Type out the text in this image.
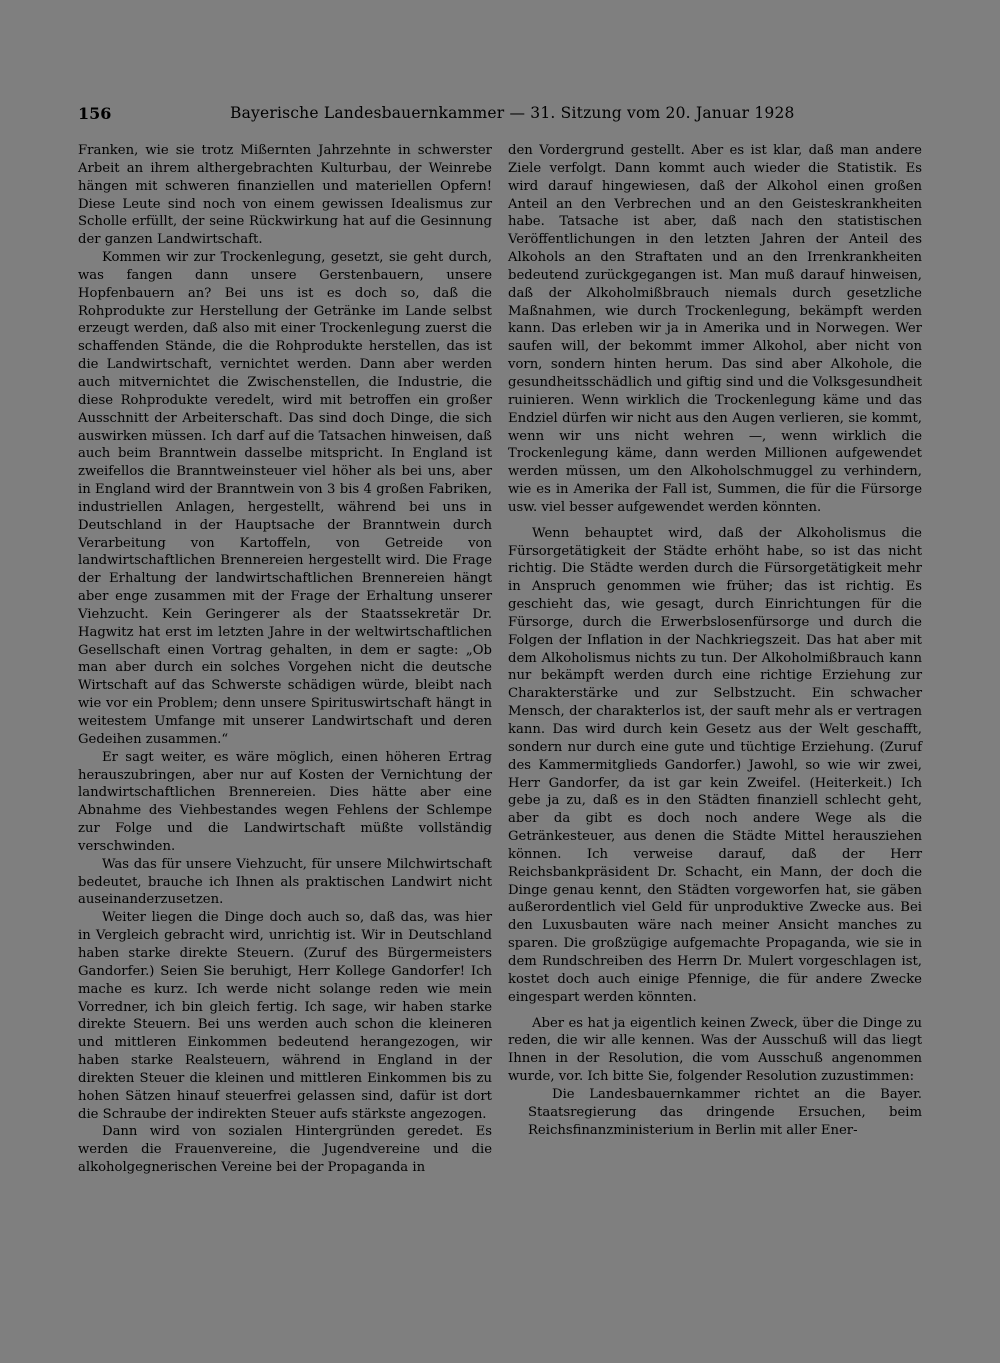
156	Bayerische Landesbauernkammer — 31. Sitzung vom 20. Januar 1928

Franken, wie sie trotz Mißernten Jahrzehnte in schwerster Arbeit an ihrem althergebrachten Kulturbau, der Weinrebe hängen mit schweren finanziellen und materiellen Opfern! Diese Leute sind noch von einem gewissen Idealismus zur Scholle erfüllt, der seine Rückwirkung hat auf die Gesinnung der ganzen Landwirtschaft.

Kommen wir zur Trockenlegung, gesetzt, sie geht durch, was fangen dann unsere Gerstenbauern, unsere Hopfenbauern an? Bei uns ist es doch so, daß die Rohprodukte zur Herstellung der Getränke im Lande selbst erzeugt werden, daß also mit einer Trockenlegung zuerst die schaffenden Stände, die die Rohprodukte herstellen, das ist die Landwirtschaft, vernichtet werden. Dann aber werden auch mitvernichtet die Zwischenstellen, die Industrie, die diese Rohprodukte veredelt, wird mit betroffen ein großer Ausschnitt der Arbeiterschaft. Das sind doch Dinge, die sich auswirken müssen. Ich darf auf die Tatsachen hinweisen, daß auch beim Branntwein dasselbe mitspricht. In England ist zweifellos die Branntweinsteuer viel höher als bei uns, aber in England wird der Branntwein von 3 bis 4 großen Fabriken, industriellen Anlagen, hergestellt, während bei uns in Deutschland in der Hauptsache der Branntwein durch Verarbeitung von Kartoffeln, von Getreide von landwirtschaftlichen Brennereien hergestellt wird. Die Frage der Erhaltung der landwirtschaftlichen Brennereien hängt aber enge zusammen mit der Frage der Erhaltung unserer Viehzucht. Kein Geringerer als der Staatssekretär Dr. Hagwitz hat erst im letzten Jahre in der weltwirtschaftlichen Gesellschaft einen Vortrag gehalten, in dem er sagte: „Ob man aber durch ein solches Vorgehen nicht die deutsche Wirtschaft auf das Schwerste schädigen würde, bleibt nach wie vor ein Problem; denn unsere Spirituswirtschaft hängt in weitestem Umfange mit unserer Landwirtschaft und deren Gedeihen zusammen.“

Er sagt weiter, es wäre möglich, einen höheren Ertrag herauszubringen, aber nur auf Kosten der Vernichtung der landwirtschaftlichen Brennereien. Dies hätte aber eine Abnahme des Viehbestandes wegen Fehlens der Schlempe zur Folge und die Landwirtschaft müßte vollständig verschwinden.

Was das für unsere Viehzucht, für unsere Milchwirtschaft bedeutet, brauche ich Ihnen als praktischen Landwirt nicht auseinanderzusetzen.

Weiter liegen die Dinge doch auch so, daß das, was hier in Vergleich gebracht wird, unrichtig ist. Wir in Deutschland haben starke direkte Steuern. (Zuruf des Bürgermeisters Gandorfer.) Seien Sie beruhigt, Herr Kollege Gandorfer! Ich mache es kurz. Ich werde nicht solange reden wie mein Vorredner, ich bin gleich fertig. Ich sage, wir haben starke direkte Steuern. Bei uns werden auch schon die kleineren und mittleren Einkommen bedeutend herangezogen, wir haben starke Realsteuern, während in England in der direkten Steuer die kleinen und mittleren Einkommen bis zu hohen Sätzen hinauf steuerfrei gelassen sind, dafür ist dort die Schraube der indirekten Steuer aufs stärkste angezogen.

Dann wird von sozialen Hintergründen geredet. Es werden die Frauenvereine, die Jugendvereine und die alkoholgegnerischen Vereine bei der Propaganda in

den Vordergrund gestellt. Aber es ist klar, daß man andere Ziele verfolgt. Dann kommt auch wieder die Statistik. Es wird darauf hingewiesen, daß der Alkohol einen großen Anteil an den Verbrechen und an den Geisteskrankheiten habe. Tatsache ist aber, daß nach den statistischen Veröffentlichungen in den letzten Jahren der Anteil des Alkohols an den Straftaten und an den Irrenkrankheiten bedeutend zurückgegangen ist. Man muß darauf hinweisen, daß der Alkoholmißbrauch niemals durch gesetzliche Maßnahmen, wie durch Trockenlegung, bekämpft werden kann. Das erleben wir ja in Amerika und in Norwegen. Wer saufen will, der bekommt immer Alkohol, aber nicht von vorn, sondern hinten herum. Das sind aber Alkohole, die gesundheitsschädlich und giftig sind und die Volksgesundheit ruinieren. Wenn wirklich die Trockenlegung käme und das Endziel dürfen wir nicht aus den Augen verlieren, sie kommt, wenn wir uns nicht wehren —, wenn wirklich die Trockenlegung käme, dann werden Millionen aufgewendet werden müssen, um den Alkoholschmuggel zu verhindern, wie es in Amerika der Fall ist, Summen, die für die Fürsorge usw. viel besser aufgewendet werden könnten.

Wenn behauptet wird, daß der Alkoholismus die Fürsorgetätigkeit der Städte erhöht habe, so ist das nicht richtig. Die Städte werden durch die Fürsorgetätigkeit mehr in Anspruch genommen wie früher; das ist richtig. Es geschieht das, wie gesagt, durch Einrichtungen für die Fürsorge, durch die Erwerbslosenfürsorge und durch die Folgen der Inflation in der Nachkriegszeit. Das hat aber mit dem Alkoholismus nichts zu tun. Der Alkoholmißbrauch kann nur bekämpft werden durch eine richtige Erziehung zur Charakterstärke und zur Selbstzucht. Ein schwacher Mensch, der charakterlos ist, der sauft mehr als er vertragen kann. Das wird durch kein Gesetz aus der Welt geschafft, sondern nur durch eine gute und tüchtige Erziehung. (Zuruf des Kammermitglieds Gandorfer.) Jawohl, so wie wir zwei, Herr Gandorfer, da ist gar kein Zweifel. (Heiterkeit.) Ich gebe ja zu, daß es in den Städten finanziell schlecht geht, aber da gibt es doch noch andere Wege als die Getränkesteuer, aus denen die Städte Mittel herausziehen können. Ich verweise darauf, daß der Herr Reichsbankpräsident Dr. Schacht, ein Mann, der doch die Dinge genau kennt, den Städten vorgeworfen hat, sie gäben außerordentlich viel Geld für unproduktive Zwecke aus. Bei den Luxusbauten wäre nach meiner Ansicht manches zu sparen. Die großzügige aufgemachte Propaganda, wie sie in dem Rundschreiben des Herrn Dr. Mulert vorgeschlagen ist, kostet doch auch einige Pfennige, die für andere Zwecke eingespart werden könnten.

Aber es hat ja eigentlich keinen Zweck, über die Dinge zu reden, die wir alle kennen. Was der Ausschuß will das liegt Ihnen in der Resolution, die vom Ausschuß angenommen wurde, vor. Ich bitte Sie, folgender Resolution zuzustimmen:

Die Landesbauernkammer richtet an die Bayer. Staatsregierung das dringende Ersuchen, beim Reichsfinanzministerium in Berlin mit aller Ener-
